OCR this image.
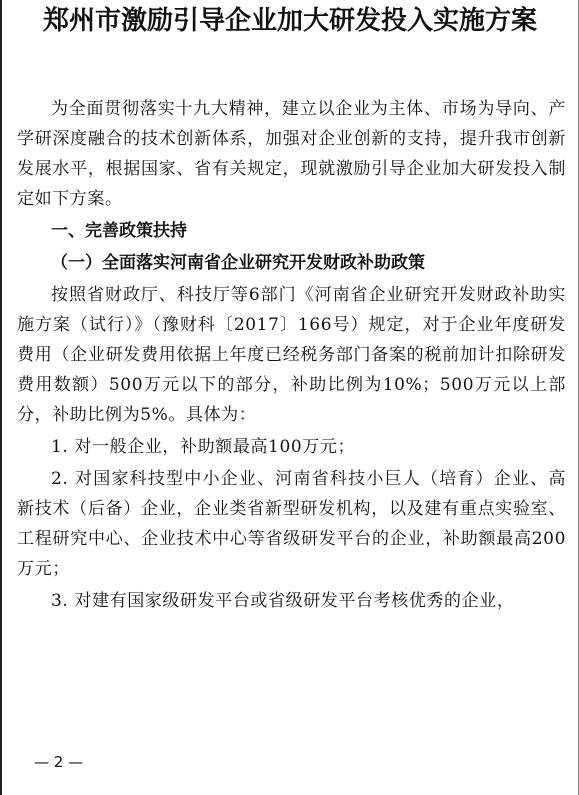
郑州市激励引导企业加大研发投入实施方案

为全面贯彻落实十九大精神，建立以企业为主体、市场为导向、产学研深度融合的技术创新体系，加强对企业创新的支持，提升我市创新发展水平，根据国家、省有关规定，现就激励引导企业加大研发投入制定如下方案。

一、完善政策扶持

（一）全面落实河南省企业研究开发财政补助政策

按照省财政厅、科技厅等6部门《河南省企业研究开发财政补助实施方案（试行）》（豫财科〔2017〕166号）规定，对于企业年度研发费用（企业研发费用依据上年度已经税务部门备案的税前加计扣除研发费用数额）500万元以下的部分，补助比例为10%；500万元以上部分，补助比例为5%。具体为：

1. 对一般企业，补助额最高100万元；

2. 对国家科技型中小企业、河南省科技小巨人（培育）企业、高新技术（后备）企业，企业类省新型研发机构，以及建有重点实验室、工程研究中心、企业技术中心等省级研发平台的企业，补助额最高200万元；

3. 对建有国家级研发平台或省级研发平台考核优秀的企业，

— 2 —
